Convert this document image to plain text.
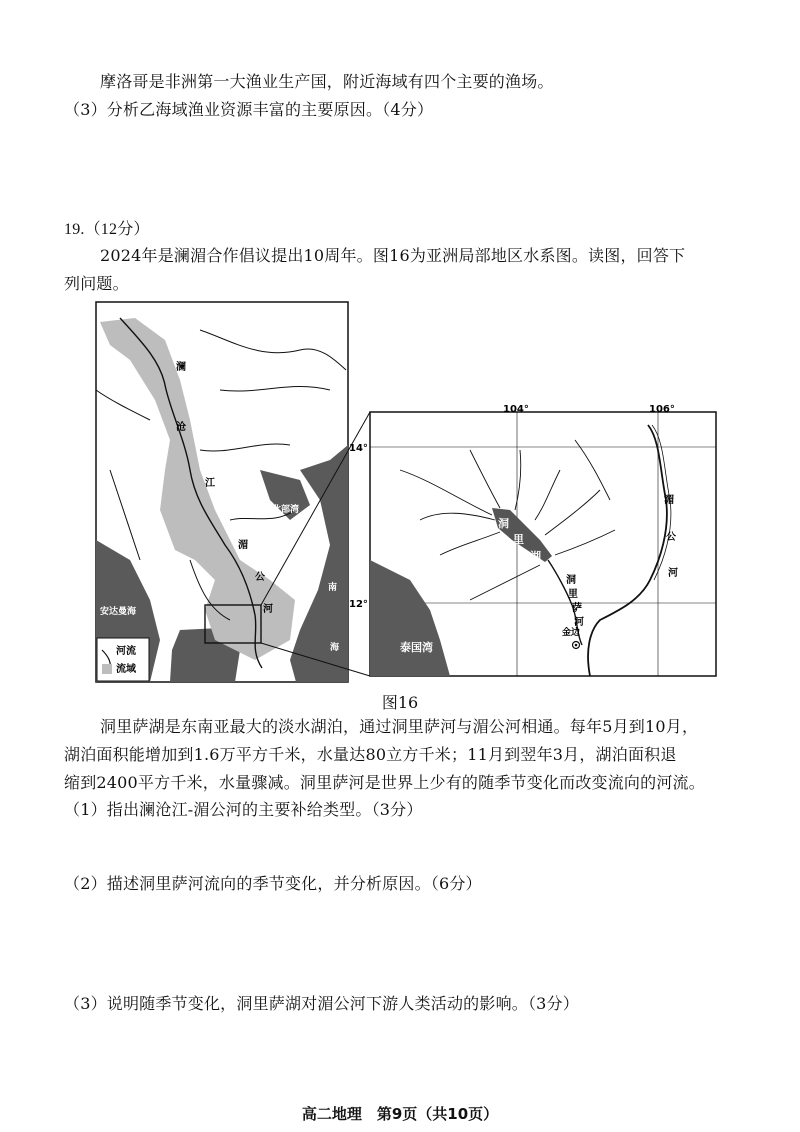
摩洛哥是非洲第一大渔业生产国，附近海域有四个主要的渔场。
（3）分析乙海域渔业资源丰富的主要原因。（4分）
19.（12分）
2024年是澜湄合作倡议提出10周年。图16为亚洲局部地区水系图。读图，回答下
列问题。
澜
沧
江
湄
公
河
北部湾
南
海
安达曼海	泰国湾
河流
流域
104°	106°
14°
12°
洞
里
湖
洞
里
萨
河
湄
公
河
泰国湾
金边
图16
洞里萨湖是东南亚最大的淡水湖泊，通过洞里萨河与湄公河相通。每年5月到10月，
湖泊面积能增加到1.6万平方千米，水量达80立方千米；11月到翌年3月，湖泊面积退
缩到2400平方千米，水量骤减。洞里萨河是世界上少有的随季节变化而改变流向的河流。
（1）指出澜沧江-湄公河的主要补给类型。（3分）
（2）描述洞里萨河流向的季节变化，并分析原因。（6分）
（3）说明随季节变化，洞里萨湖对湄公河下游人类活动的影响。（3分）
高二地理　第9页（共10页）
